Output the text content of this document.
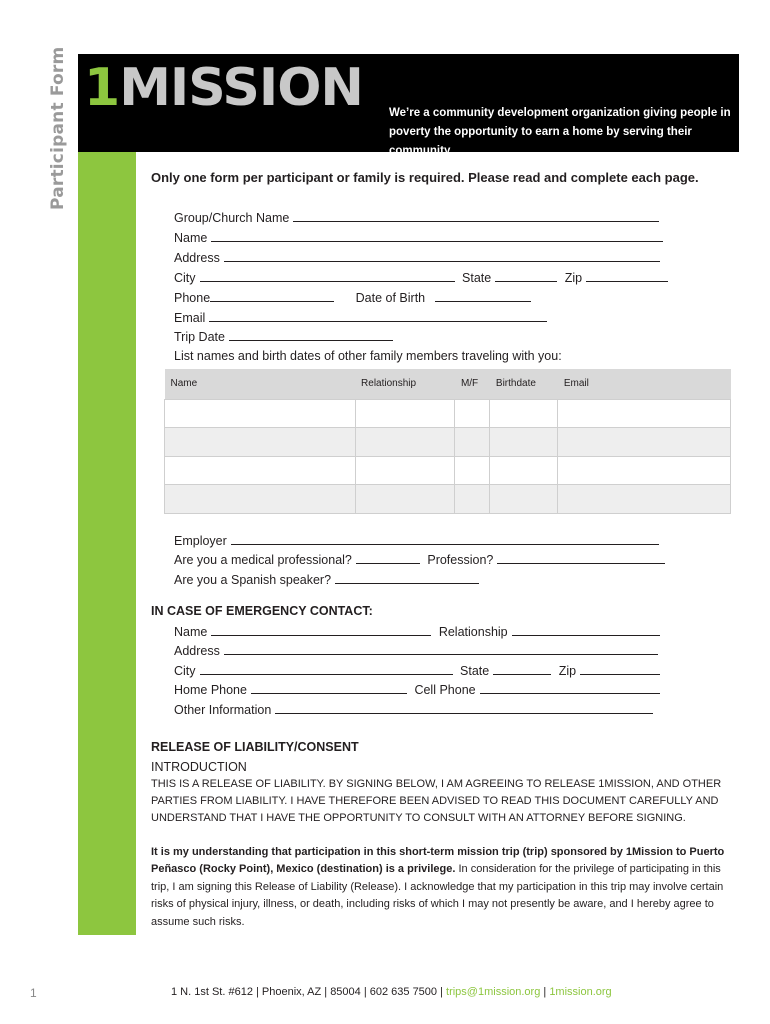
Participant Form 1MISSION We’re a community development organization giving people in poverty the opportunity to earn a home by serving their community.
Only one form per participant or family is required. Please read and complete each page.
Group/Church Name
Name
Address
City	State	Zip
Phone	Date of Birth
Email
Trip Date
List names and birth dates of other family members traveling with you:
Name	Relationship	M/F	Birthdate	Email

Employer
Are you a medical professional?	Profession?
Are you a Spanish speaker?
IN CASE OF EMERGENCY CONTACT:
Name	Relationship
Address
City	State	Zip
Home Phone	Cell Phone
Other Information
RELEASE OF LIABILITY/CONSENT
INTRODUCTION
THIS IS A RELEASE OF LIABILITY. BY SIGNING BELOW, I AM AGREEING TO RELEASE 1MISSION, AND OTHER PARTIES FROM LIABILITY. I HAVE THEREFORE BEEN ADVISED TO READ THIS DOCUMENT CAREFULLY AND UNDERSTAND THAT I HAVE THE OPPORTUNITY TO CONSULT WITH AN ATTORNEY BEFORE SIGNING.
It is my understanding that participation in this short-term mission trip (trip) sponsored by 1Mission to Puerto Peñasco (Rocky Point), Mexico (destination) is a privilege. In consideration for the privilege of participating in this trip, I am signing this Release of Liability (Release). I acknowledge that my participation in this trip may involve certain risks of physical injury, illness, or death, including risks of which I may not presently be aware, and I hereby agree to assume such risks.
1	1 N. 1st St. #612 | Phoenix, AZ | 85004 | 602 635 7500 | trips@1mission.org | 1mission.org
